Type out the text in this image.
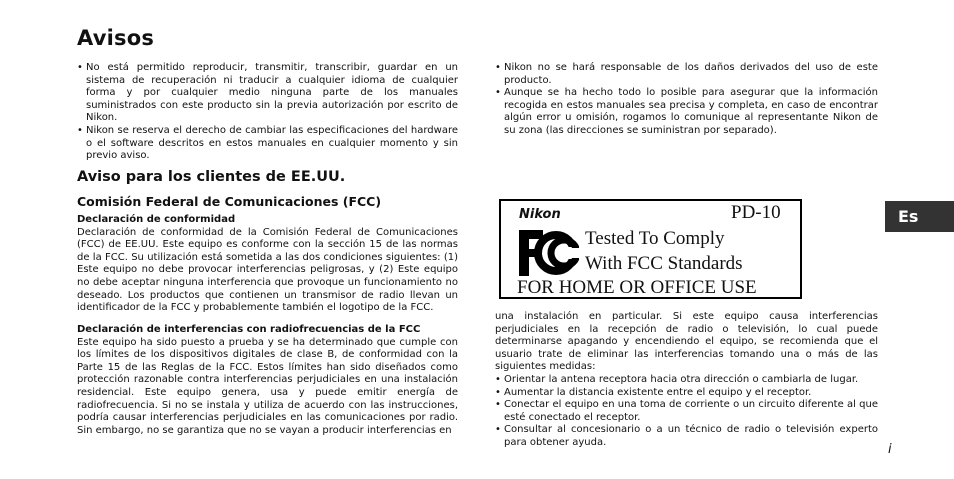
Avisos
• No está permitido reproducir, transmitir, transcribir, guardar en un sistema de recuperación ni traducir a cualquier idioma de cualquier forma y por cualquier medio ninguna parte de los manuales suministrados con este producto sin la previa autorización por escrito de Nikon.
• Nikon se reserva el derecho de cambiar las especificaciones del hardware o el software descritos en estos manuales en cualquier momento y sin previo aviso.
• Nikon no se hará responsable de los daños derivados del uso de este producto.
• Aunque se ha hecho todo lo posible para asegurar que la información recogida en estos manuales sea precisa y completa, en caso de encontrar algún error u omisión, rogamos lo comunique al representante Nikon de su zona (las direcciones se suministran por separado).
Aviso para los clientes de EE.UU.
Comisión Federal de Comunicaciones (FCC)
Declaración de conformidad

Declaración de conformidad de la Comisión Federal de Comunicaciones (FCC) de EE.UU. Este equipo es conforme con la sección 15 de las normas de la FCC. Su utilización está sometida a las dos condiciones siguientes: (1) Este equipo no debe provocar interferencias peligrosas, y (2) Este equipo no debe aceptar ninguna interferencia que provoque un funcionamiento no deseado. Los productos que contienen un transmisor de radio llevan un identificador de la FCC y probablemente también el logotipo de la FCC.

Declaración de interferencias con radiofrecuencias de la FCC

Este equipo ha sido puesto a prueba y se ha determinado que cumple con los límites de los dispositivos digitales de clase B, de conformidad con la Parte 15 de las Reglas de la FCC. Estos límites han sido diseñados como protección razonable contra interferencias perjudiciales en una instalación residencial. Este equipo genera, usa y puede emitir energía de radiofrecuencia. Si no se instala y utiliza de acuerdo con las instrucciones, podría causar interferencias perjudiciales en las comunicaciones por radio. Sin embargo, no se garantiza que no se vayan a producir interferencias en

Nikon	PD-10
Tested To Comply
With FCC Standards
FOR HOME OR OFFICE USE

una instalación en particular. Si este equipo causa interferencias perjudiciales en la recepción de radio o televisión, lo cual puede determinarse apagando y encendiendo el equipo, se recomienda que el usuario trate de eliminar las interferencias tomando una o más de las siguientes medidas:

• Orientar la antena receptora hacia otra dirección o cambiarla de lugar.
• Aumentar la distancia existente entre el equipo y el receptor.
• Conectar el equipo en una toma de corriente o un circuito diferente al que esté conectado el receptor.
• Consultar al concesionario o a un técnico de radio o televisión experto para obtener ayuda.
Es
i
